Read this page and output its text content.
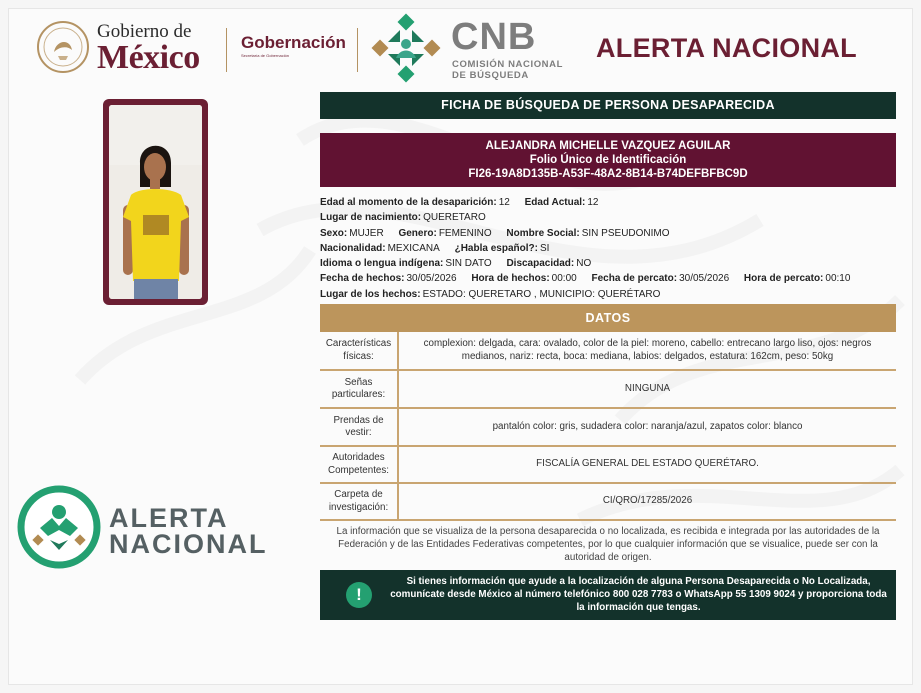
Gobierno de
México Gobernación
Secretaría de Gobernación	CNB
COMISIÓN NACIONAL
DE BÚSQUEDA
ALERTA NACIONAL
ALERTA
NACIONAL
FICHA DE BÚSQUEDA DE PERSONA DESAPARECIDA
ALEJANDRA MICHELLE VAZQUEZ AGUILAR
Folio Único de Identificación
FI26-19A8D135B-A53F-48A2-8B14-B74DEFBFBC9D
Edad al momento de la desaparición: 12 Edad Actual: 12
Lugar de nacimiento: QUERETARO
Sexo: MUJER Genero: FEMENINO Nombre Social: SIN PSEUDONIMO
Nacionalidad: MEXICANA ¿Habla español?: SI
Idioma o lengua indígena: SIN DATO Discapacidad: NO
Fecha de hechos: 30/05/2026 Hora de hechos: 00:00 Fecha de percato: 30/05/2026 Hora de percato: 00:10
Lugar de los hechos: ESTADO: QUERETARO , MUNICIPIO: QUERÉTARO
DATOS
Características físicas:	complexion: delgada, cara: ovalado, color de la piel: moreno, cabello: entrecano largo liso, ojos: negros medianos, nariz: recta, boca: mediana, labios: delgados, estatura: 162cm, peso: 50kg
Señas particulares:	NINGUNA
Prendas de vestir:	pantalón color: gris, sudadera color: naranja/azul, zapatos color: blanco
Autoridades Competentes:	FISCALÍA GENERAL DEL ESTADO QUERÉTARO.
Carpeta de investigación:	CI/QRO/17285/2026
La información que se visualiza de la persona desaparecida o no localizada, es recibida e integrada por las autoridades de la Federación y de las Entidades Federativas competentes, por lo que cualquier información que se visualice, puede ser con la autoridad de origen.
!
Si tienes información que ayude a la localización de alguna Persona Desaparecida o No Localizada, comunícate desde México al número telefónico 800 028 7783 o WhatsApp 55 1309 9024 y proporciona toda la información que tengas.
